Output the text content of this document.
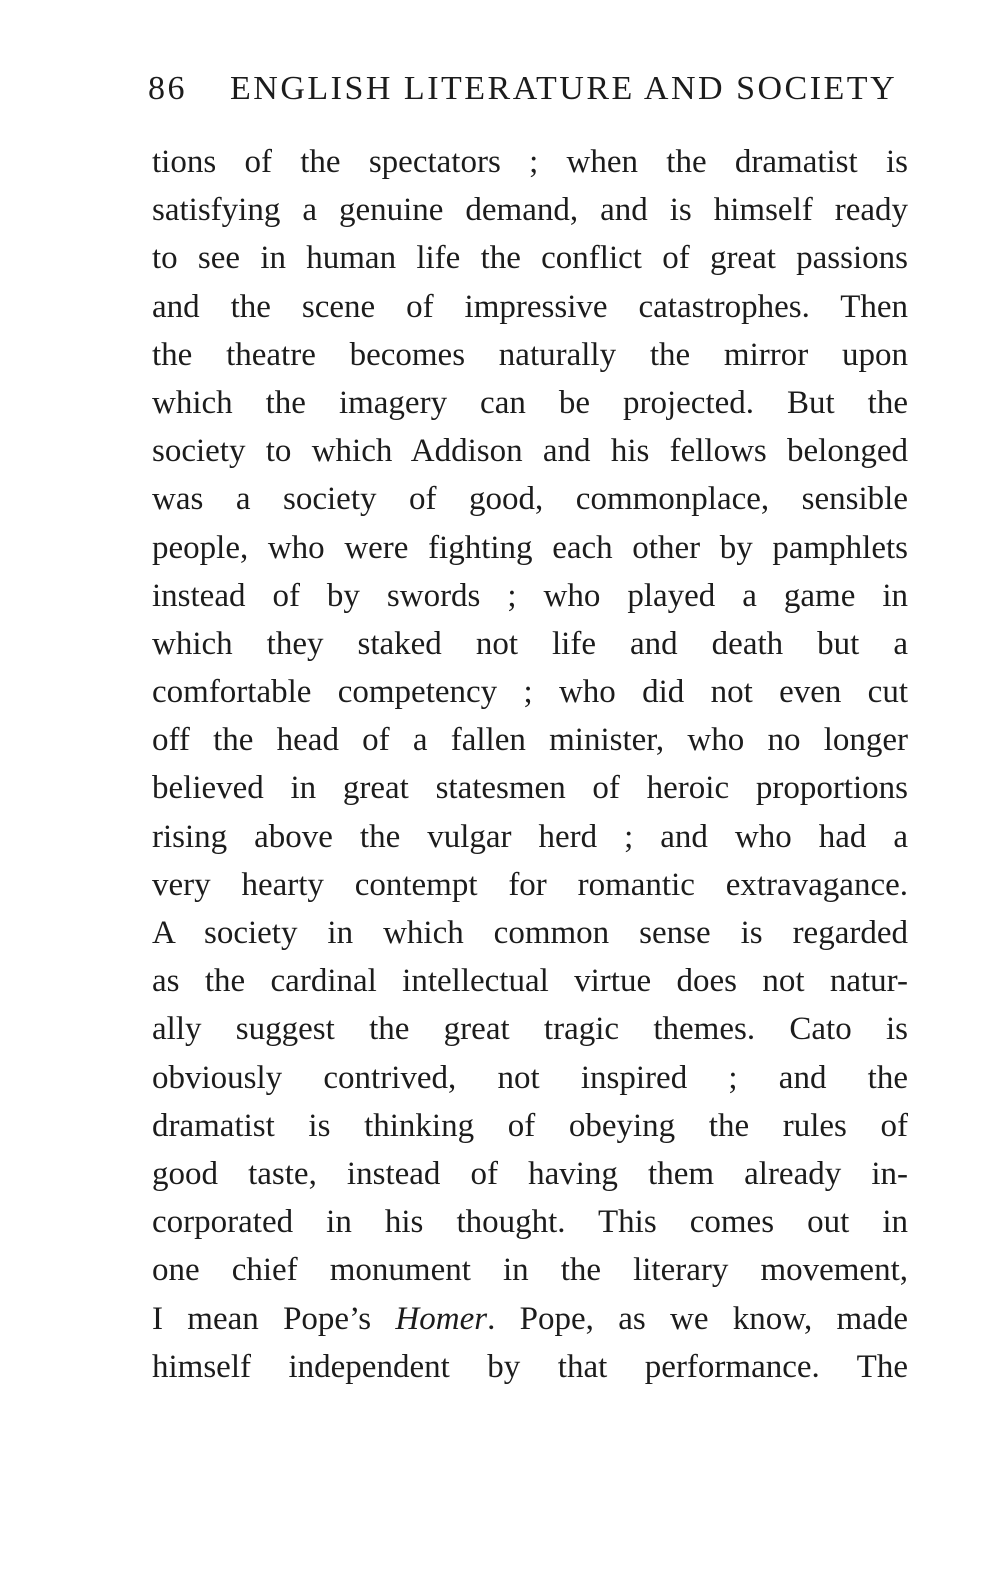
86 ENGLISH LITERATURE AND SOCIETY
tions of the spectators ; when the dramatist is
satisfying a genuine demand, and is himself ready
to see in human life the conflict of great passions
and the scene of impressive catastrophes. Then
the theatre becomes naturally the mirror upon
which the imagery can be projected. But the
society to which Addison and his fellows belonged
was a society of good, commonplace, sensible
people, who were fighting each other by pamphlets
instead of by swords ; who played a game in
which they staked not life and death but a
comfortable competency ; who did not even cut
off the head of a fallen minister, who no longer
believed in great statesmen of heroic proportions
rising above the vulgar herd ; and who had a
very hearty contempt for romantic extravagance.
A society in which common sense is regarded
as the cardinal intellectual virtue does not natur-
ally suggest the great tragic themes. Cato is
obviously contrived, not inspired ; and the
dramatist is thinking of obeying the rules of
good taste, instead of having them already in-
corporated in his thought. This comes out in
one chief monument in the literary movement,
I mean Pope’s Homer. Pope, as we know, made
himself independent by that performance. The
